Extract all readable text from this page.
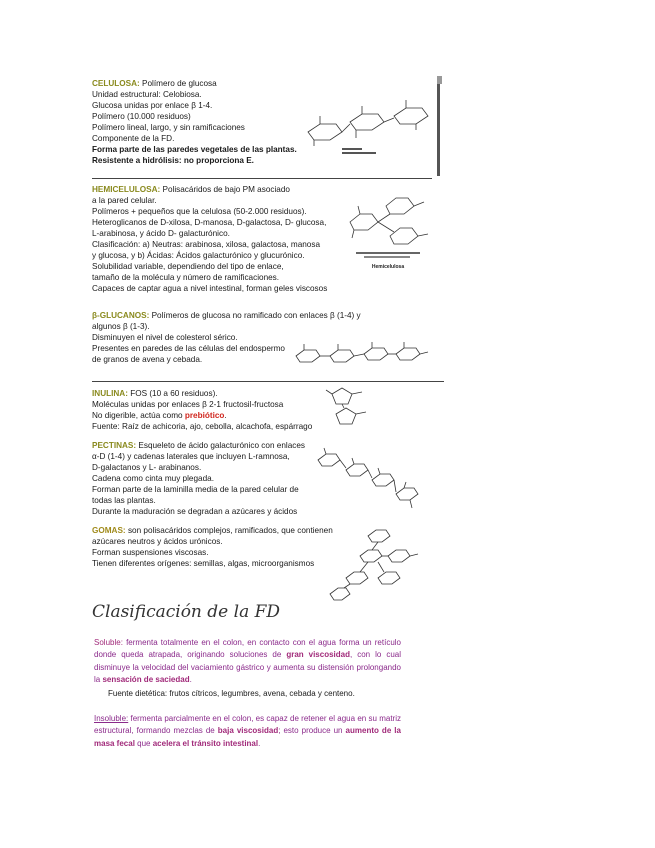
CELULOSA: Polímero de glucosa
Unidad estructural: Celobiosa.
Glucosa unidas por enlace β 1-4.
Polímero (10.000 residuos)
Polímero lineal, largo, y sin ramificaciones
Componente de la FD.
Forma parte de las paredes vegetales de las plantas.
Resistente a hidrólisis: no proporciona E.
HEMICELULOSA: Polisacáridos de bajo PM asociado
a la pared celular.
Polímeros + pequeños que la celulosa (50-2.000 residuos).
Heteroglicanos de D-xilosa, D-manosa, D-galactosa, D- glucosa,
L-arabinosa, y ácido D- galacturónico.
Clasificación: a) Neutras: arabinosa, xilosa, galactosa, manosa
y glucosa, y b) Ácidas: Ácidos galacturónico y glucurónico.
Solubilidad variable, dependiendo del tipo de enlace,
tamaño de la molécula y número de ramificaciones.
Capaces de captar agua a nivel intestinal, forman geles viscosos
Hemicelulosa
β-GLUCANOS: Polímeros de glucosa no ramificado con enlaces β (1-4) y
algunos β (1-3).
Disminuyen el nivel de colesterol sérico.
Presentes en paredes de las células del endospermo
de granos de avena y cebada.
INULINA: FOS (10 a 60 residuos).
Moléculas unidas por enlaces β 2-1 fructosil-fructosa
No digerible, actúa como prebiótico.
Fuente: Raíz de achicoria, ajo, cebolla, alcachofa, espárrago
PECTINAS: Esqueleto de ácido galacturónico con enlaces
α-D (1-4) y cadenas laterales que incluyen L-ramnosa,
D-galactanos y L- arabinanos.
Cadena como cinta muy plegada.
Forman parte de la laminilla media de la pared celular de
todas las plantas.
Durante la maduración se degradan a azúcares y ácidos
GOMAS: son polisacáridos complejos, ramificados, que contienen
azúcares neutros y ácidos urónicos.
Forman suspensiones viscosas.
Tienen diferentes orígenes: semillas, algas, microorganismos
Clasificación de la FD
Soluble: fermenta totalmente en el colon, en contacto con el agua forma un retículo donde queda atrapada, originando soluciones de gran viscosidad, con lo cual disminuye la velocidad del vaciamiento gástrico y aumenta su distensión prolongando la sensación de saciedad.
Fuente dietética: frutos cítricos, legumbres, avena, cebada y centeno.
Insoluble: fermenta parcialmente en el colon, es capaz de retener el agua en su matriz estructural, formando mezclas de baja viscosidad; esto produce un aumento de la masa fecal que acelera el tránsito intestinal.
